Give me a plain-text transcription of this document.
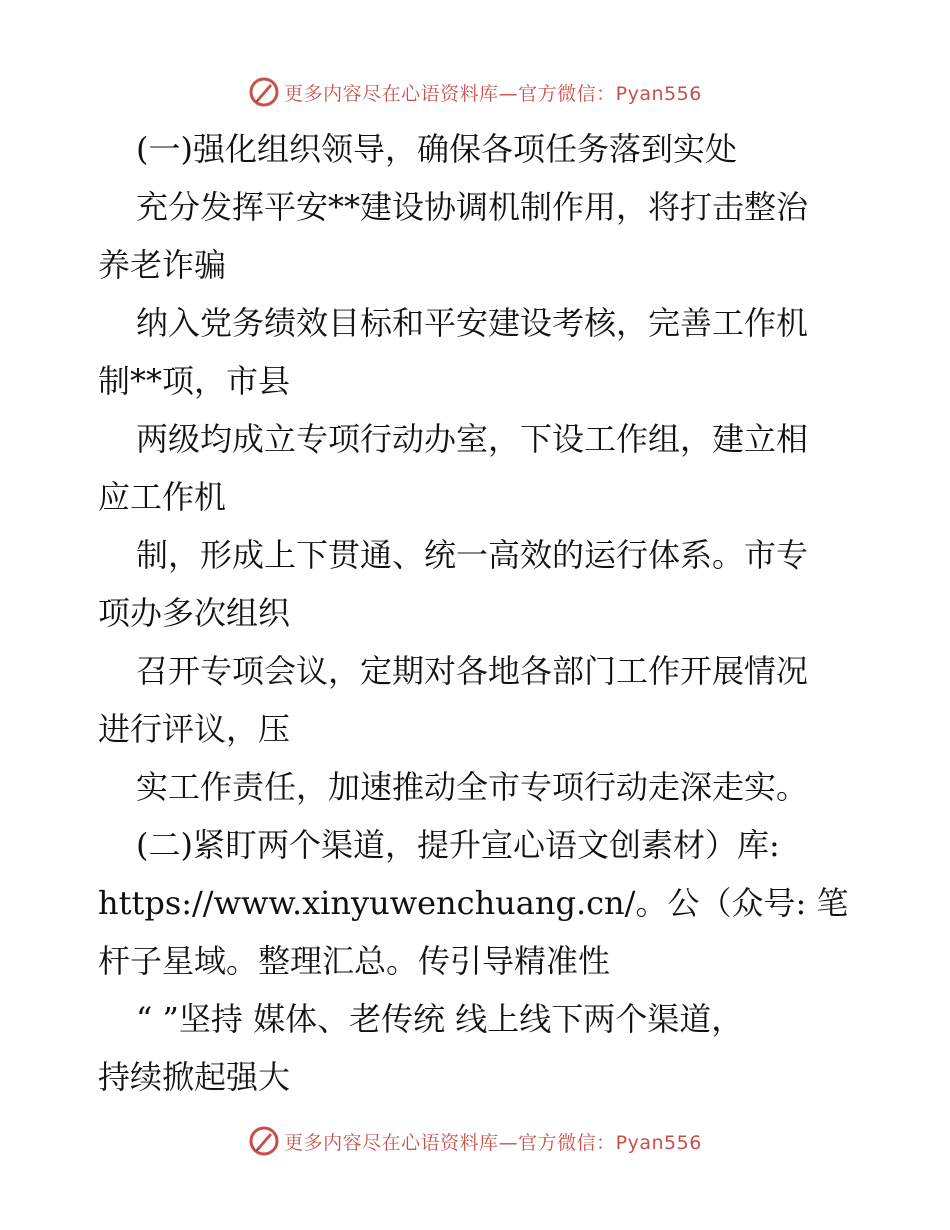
更多内容尽在心语资料库—官方微信：Pyan556

(一)强化组织领导，确保各项任务落到实处

充分发挥平安**建设协调机制作用，将打击整治

养老诈骗

纳入党务绩效目标和平安建设考核，完善工作机

制**项，市县

两级均成立专项行动办室，下设工作组，建立相

应工作机

制，形成上下贯通、统一高效的运行体系。市专

项办多次组织

召开专项会议，定期对各地各部门工作开展情况

进行评议，压

实工作责任，加速推动全市专项行动走深走实。

(二)紧盯两个渠道，提升宣心语文创素材）库:

https://www.xinyuwenchuang.cn/。公（众号: 笔

杆子星域。整理汇总。传引导精准性

“ ”坚持 媒体、老传统 线上线下两个渠道，

持续掀起强大

更多内容尽在心语资料库—官方微信：Pyan556
